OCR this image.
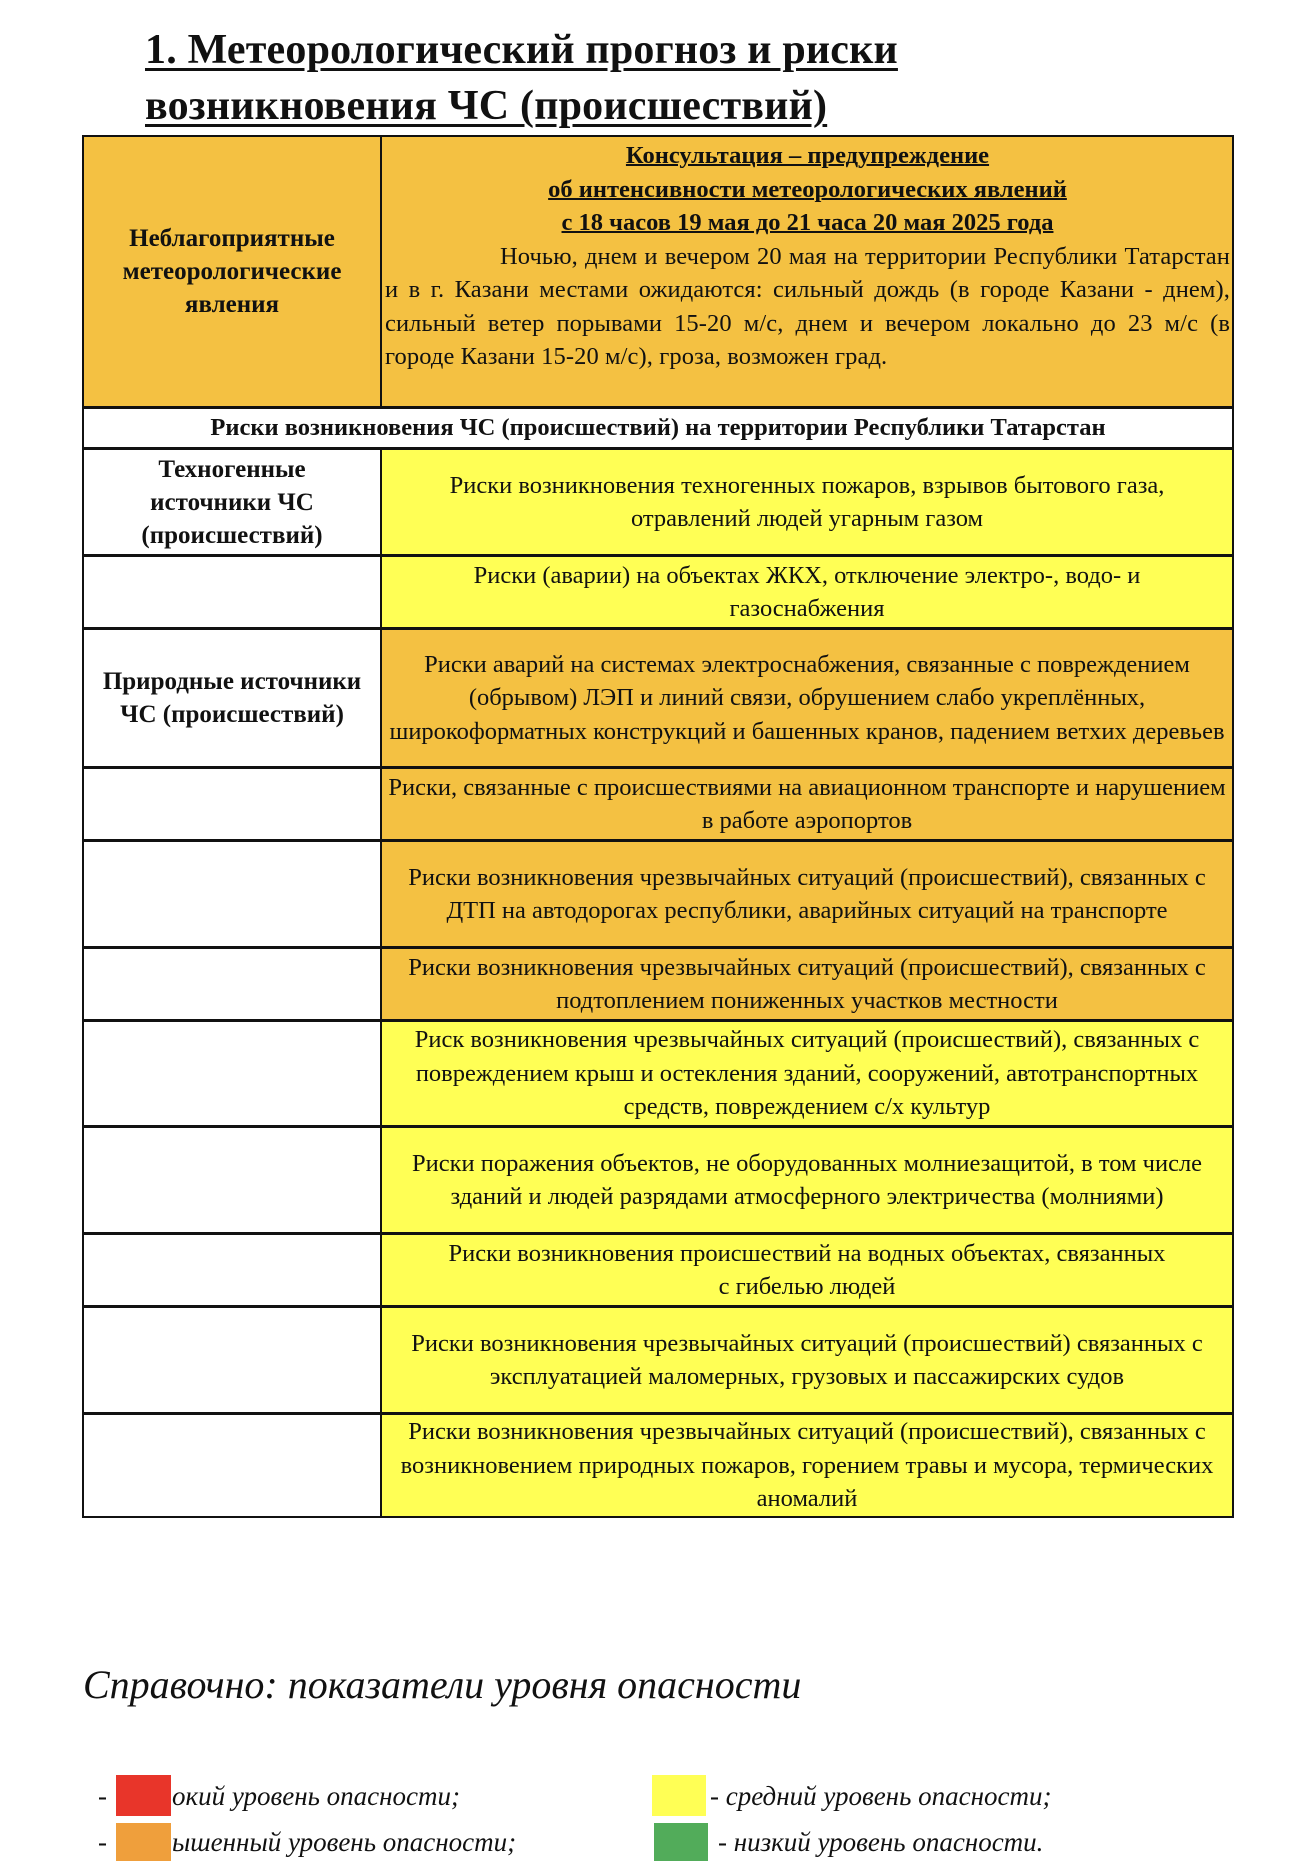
1. Метеорологический прогноз и риски
возникновения ЧС (происшествий)
Неблагоприятные
метеорологические
явления
Консультация – предупреждение
об интенсивности метеорологических явлений
с 18 часов 19 мая до 21 часа 20 мая 2025 года
Ночью, днем и вечером 20 мая на территории Республики Татарстан и в г. Казани местами ожидаются: сильный дождь (в городе Казани - днем), сильный ветер порывами 15-20 м/с, днем и вечером локально до 23 м/с (в городе Казани 15-20 м/с), гроза, возможен град.
Риски возникновения ЧС (происшествий) на территории Республики Татарстан
Техногенные источники ЧС (происшествий)
Риски возникновения техногенных пожаров, взрывов бытового газа, отравлений людей угарным газом
Риски (аварии) на объектах ЖКХ, отключение электро-, водо- и газоснабжения
Природные источники ЧС (происшествий)
Риски аварий на системах электроснабжения, связанные с повреждением (обрывом) ЛЭП и линий связи, обрушением слабо укреплённых, широкоформатных конструкций и башенных кранов, падением ветхих деревьев
Риски, связанные с происшествиями на авиационном транспорте и нарушением в работе аэропортов
Риски возникновения чрезвычайных ситуаций (происшествий), связанных с ДТП на автодорогах республики, аварийных ситуаций на транспорте
Риски возникновения чрезвычайных ситуаций (происшествий), связанных с подтоплением пониженных участков местности
Риск возникновения чрезвычайных ситуаций (происшествий), связанных с повреждением крыш и остекления зданий, сооружений, автотранспортных средств, повреждением с/х культур
Риски поражения объектов, не оборудованных молниезащитой, в том числе зданий и людей разрядами атмосферного электричества (молниями)
Риски возникновения происшествий на водных объектах, связанных с гибелью людей
Риски возникновения чрезвычайных ситуаций (происшествий) связанных с эксплуатацией маломерных, грузовых и пассажирских судов
Риски возникновения чрезвычайных ситуаций (происшествий), связанных с возникновением природных пожаров, горением травы и мусора, термических аномалий
Справочно: показатели уровня опасности
- окий уровень опасности;
- ышенный уровень опасности;
- средний уровень опасности;
- низкий уровень опасности.
